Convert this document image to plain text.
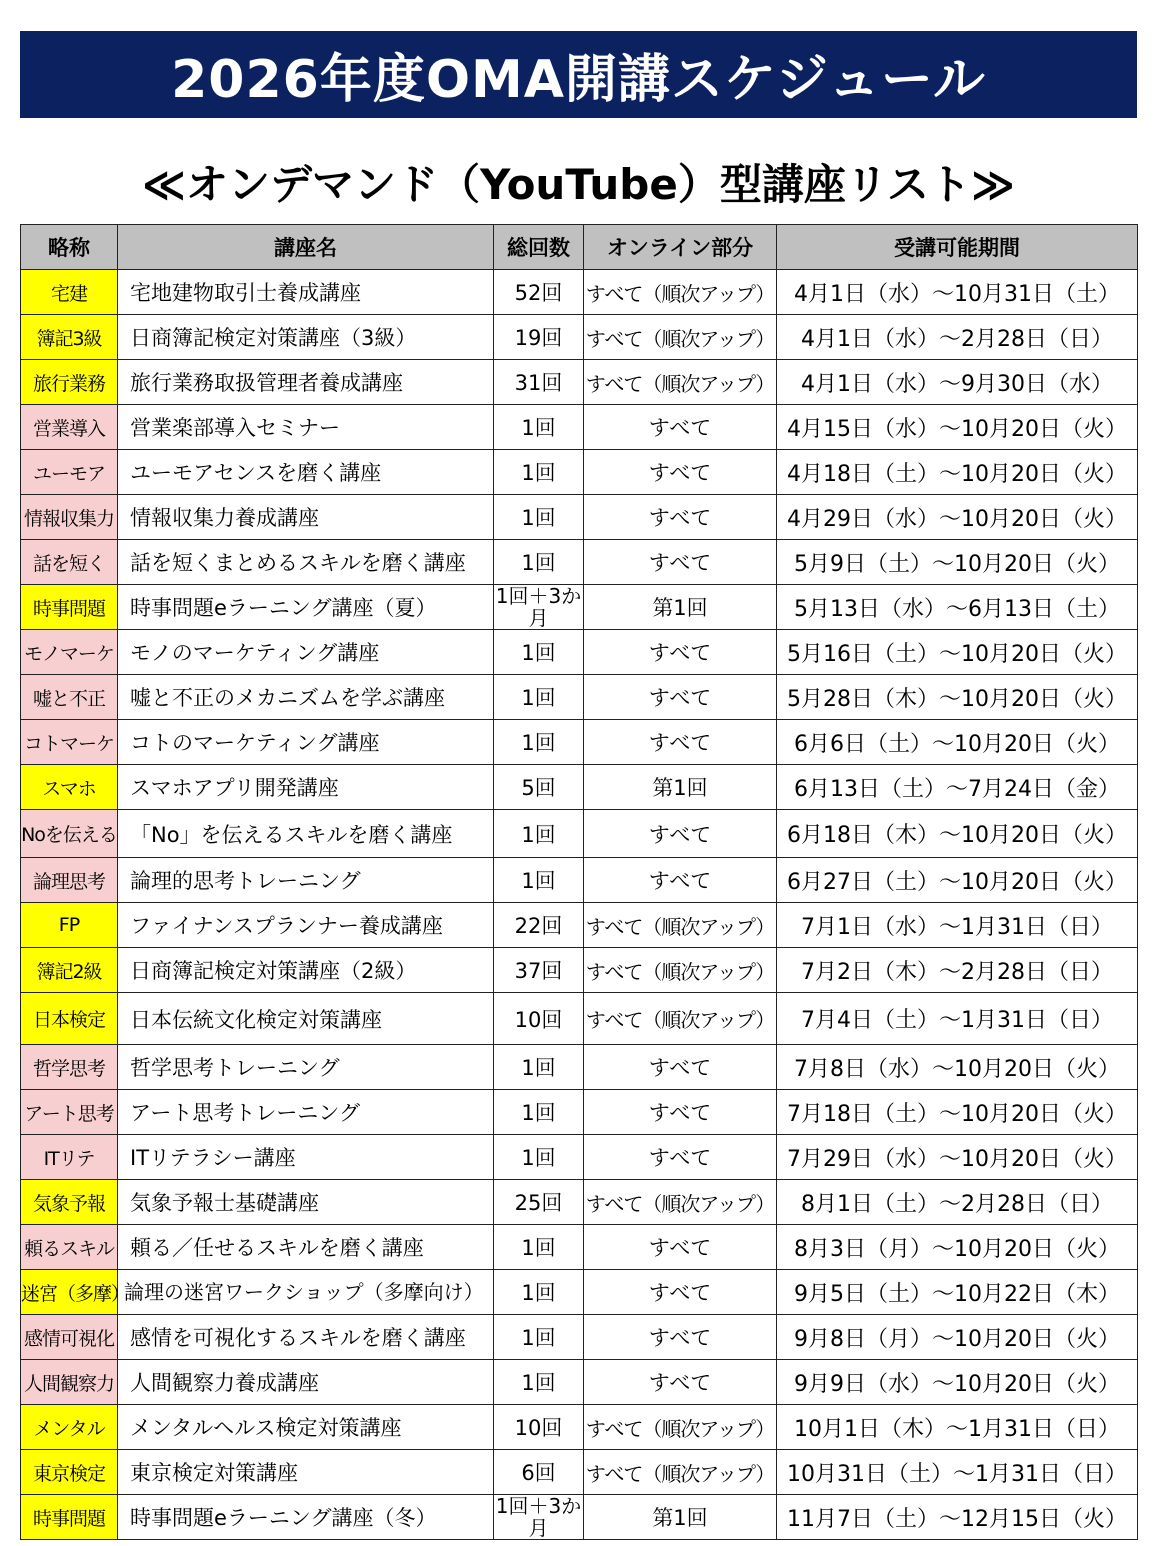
2026年度OMA開講スケジュール
≪オンデマンド（YouTube）型講座リスト≫
略称	講座名	総回数	オンライン部分	受講可能期間
宅建	宅地建物取引士養成講座	52回	すべて（順次アップ）	4月1日（水）～10月31日（土）
簿記3級	日商簿記検定対策講座（3級）	19回	すべて（順次アップ）	4月1日（水）～2月28日（日）
旅行業務	旅行業務取扱管理者養成講座	31回	すべて（順次アップ）	4月1日（水）～9月30日（水）
営業導入	営業楽部導入セミナー	1回	すべて	4月15日（水）～10月20日（火）
ユーモア	ユーモアセンスを磨く講座	1回	すべて	4月18日（土）～10月20日（火）
情報収集力	情報収集力養成講座	1回	すべて	4月29日（水）～10月20日（火）
話を短く	話を短くまとめるスキルを磨く講座	1回	すべて	5月9日（土）～10月20日（火）
時事問題	時事問題eラーニング講座（夏）	1回＋3か月	第1回	5月13日（水）～6月13日（土）
モノマーケ	モノのマーケティング講座	1回	すべて	5月16日（土）～10月20日（火）
嘘と不正	嘘と不正のメカニズムを学ぶ講座	1回	すべて	5月28日（木）～10月20日（火）
コトマーケ	コトのマーケティング講座	1回	すべて	6月6日（土）～10月20日（火）
スマホ	スマホアプリ開発講座	5回	第1回	6月13日（土）～7月24日（金）
Noを伝える	「No」を伝えるスキルを磨く講座	1回	すべて	6月18日（木）～10月20日（火）
論理思考	論理的思考トレーニング	1回	すべて	6月27日（土）～10月20日（火）
FP	ファイナンスプランナー養成講座	22回	すべて（順次アップ）	7月1日（水）～1月31日（日）
簿記2級	日商簿記検定対策講座（2級）	37回	すべて（順次アップ）	7月2日（木）～2月28日（日）
日本検定	日本伝統文化検定対策講座	10回	すべて（順次アップ）	7月4日（土）～1月31日（日）
哲学思考	哲学思考トレーニング	1回	すべて	7月8日（水）～10月20日（火）
アート思考	アート思考トレーニング	1回	すべて	7月18日（土）～10月20日（火）
ITリテ	ITリテラシー講座	1回	すべて	7月29日（水）～10月20日（火）
気象予報	気象予報士基礎講座	25回	すべて（順次アップ）	8月1日（土）～2月28日（日）
頼るスキル	頼る／任せるスキルを磨く講座	1回	すべて	8月3日（月）～10月20日（火）
迷宮（多摩）	論理の迷宮ワークショップ（多摩向け）	1回	すべて	9月5日（土）～10月22日（木）
感情可視化	感情を可視化するスキルを磨く講座	1回	すべて	9月8日（月）～10月20日（火）
人間観察力	人間観察力養成講座	1回	すべて	9月9日（水）～10月20日（火）
メンタル	メンタルヘルス検定対策講座	10回	すべて（順次アップ）	10月1日（木）～1月31日（日）
東京検定	東京検定対策講座	6回	すべて（順次アップ）	10月31日（土）～1月31日（日）
時事問題	時事問題eラーニング講座（冬）	1回＋3か月	第1回	11月7日（土）～12月15日（火）
